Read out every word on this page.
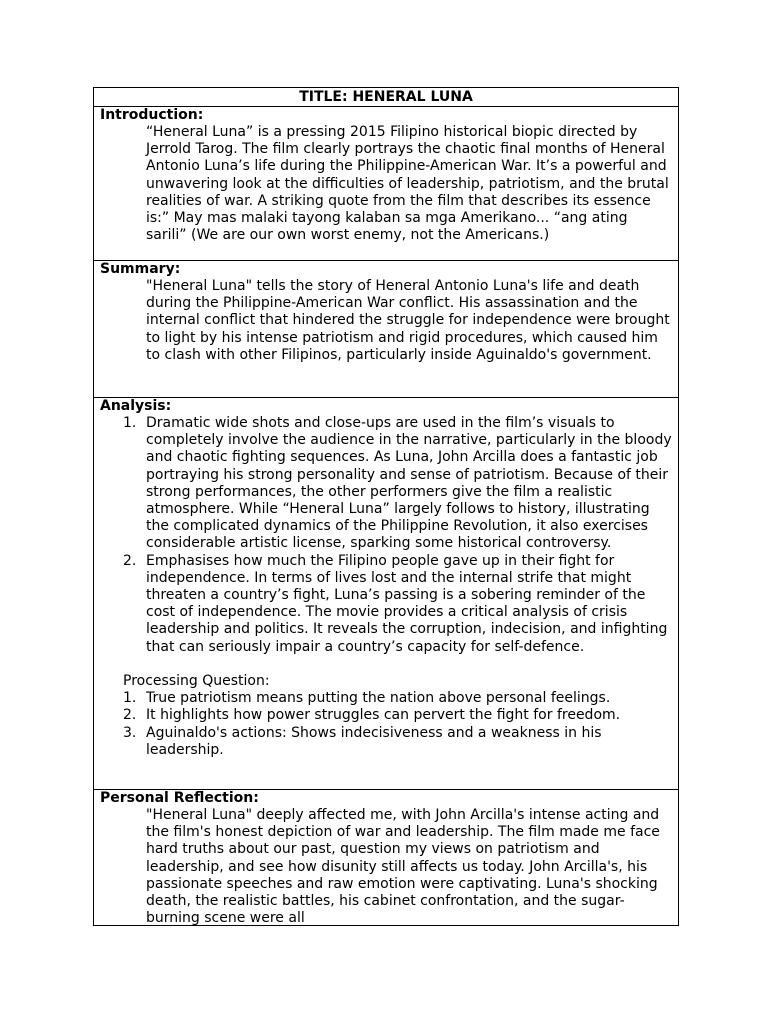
TITLE: HENERAL LUNA
Introduction:

“Heneral Luna” is a pressing 2015 Filipino historical biopic directed by Jerrold Tarog. The film clearly portrays the chaotic final months of Heneral Antonio Luna’s life during the Philippine-American War. It’s a powerful and unwavering look at the difficulties of leadership, patriotism, and the brutal realities of war. A striking quote from the film that describes its essence is:” May mas malaki tayong kalaban sa mga Amerikano... “ang ating sarili” (We are our own worst enemy, not the Americans.)

Summary:

"Heneral Luna" tells the story of Heneral Antonio Luna's life and death during the Philippine-American War conflict. His assassination and the internal conflict that hindered the struggle for independence were brought to light by his intense patriotism and rigid procedures, which caused him to clash with other Filipinos, particularly inside Aguinaldo's government.

Analysis:
1. Dramatic wide shots and close-ups are used in the film’s visuals to completely involve the audience in the narrative, particularly in the bloody and chaotic fighting sequences. As Luna, John Arcilla does a fantastic job portraying his strong personality and sense of patriotism. Because of their strong performances, the other performers give the film a realistic atmosphere. While “Heneral Luna” largely follows to history, illustrating the complicated dynamics of the Philippine Revolution, it also exercises considerable artistic license, sparking some historical controversy.
2. Emphasises how much the Filipino people gave up in their fight for independence. In terms of lives lost and the internal strife that might threaten a country’s fight, Luna’s passing is a sobering reminder of the cost of independence. The movie provides a critical analysis of crisis leadership and politics. It reveals the corruption, indecision, and infighting that can seriously impair a country’s capacity for self-defence.
Processing Question:
1. True patriotism means putting the nation above personal feelings.
2. It highlights how power struggles can pervert the fight for freedom.
3. Aguinaldo's actions: Shows indecisiveness and a weakness in his leadership.
Personal Reflection:

"Heneral Luna" deeply affected me, with John Arcilla's intense acting and the film's honest depiction of war and leadership. The film made me face hard truths about our past, question my views on patriotism and leadership, and see how disunity still affects us today. John Arcilla's, his passionate speeches and raw emotion were captivating. Luna's shocking death, the realistic battles, his cabinet confrontation, and the sugar-burning scene were all
